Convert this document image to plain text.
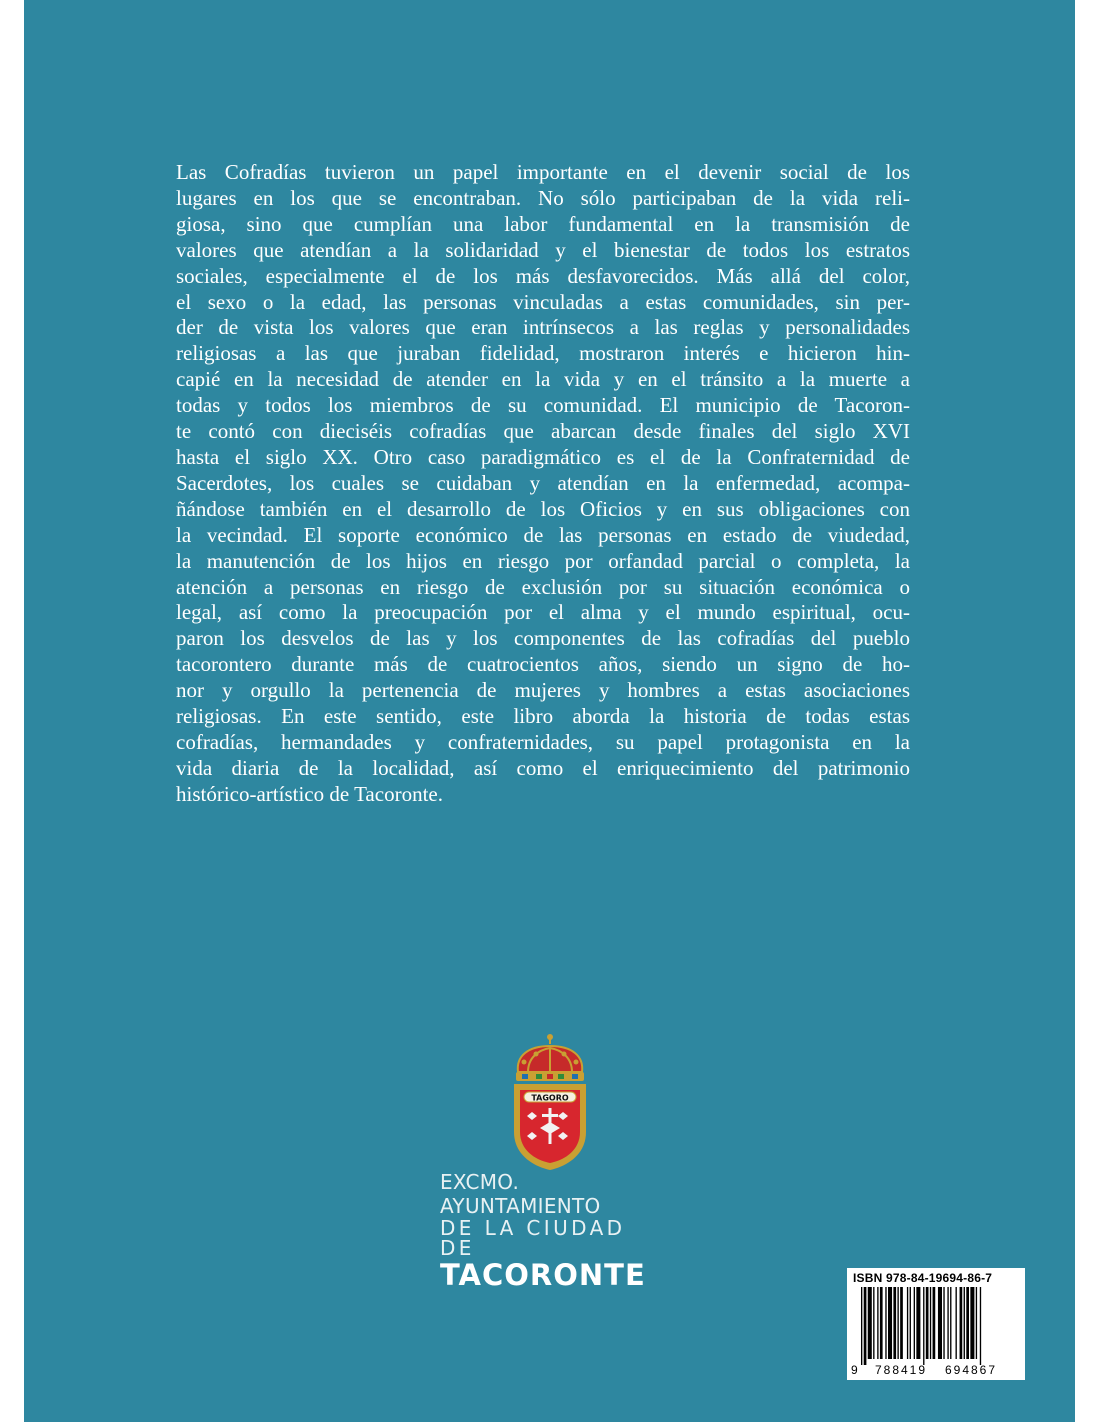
Las Cofradías tuvieron un papel importante en el devenir social de los
lugares en los que se encontraban. No sólo participaban de la vida reli-
giosa, sino que cumplían una labor fundamental en la transmisión de
valores que atendían a la solidaridad y el bienestar de todos los estratos
sociales, especialmente el de los más desfavorecidos. Más allá del color,
el sexo o la edad, las personas vinculadas a estas comunidades, sin per-
der de vista los valores que eran intrínsecos a las reglas y personalidades
religiosas a las que juraban fidelidad, mostraron interés e hicieron hin-
capié en la necesidad de atender en la vida y en el tránsito a la muerte a
todas y todos los miembros de su comunidad. El municipio de Tacoron-
te contó con dieciséis cofradías que abarcan desde finales del siglo XVI
hasta el siglo XX. Otro caso paradigmático es el de la Confraternidad de
Sacerdotes, los cuales se cuidaban y atendían en la enfermedad, acompa-
ñándose también en el desarrollo de los Oficios y en sus obligaciones con
la vecindad. El soporte económico de las personas en estado de viudedad,
la manutención de los hijos en riesgo por orfandad parcial o completa, la
atención a personas en riesgo de exclusión por su situación económica o
legal, así como la preocupación por el alma y el mundo espiritual, ocu-
paron los desvelos de las y los componentes de las cofradías del pueblo
tacorontero durante más de cuatrocientos años, siendo un signo de ho-
nor y orgullo la pertenencia de mujeres y hombres a estas asociaciones
religiosas. En este sentido, este libro aborda la historia de todas estas
cofradías, hermandades y confraternidades, su papel protagonista en la
vida diaria de la localidad, así como el enriquecimiento del patrimonio
histórico-artístico de Tacoronte.
TAGORO
EXCMO. AYUNTAMIENTO
DE LA CIUDAD DE
TACORONTE	ISBN 978-84-19694-86-7
9 788419 694867
